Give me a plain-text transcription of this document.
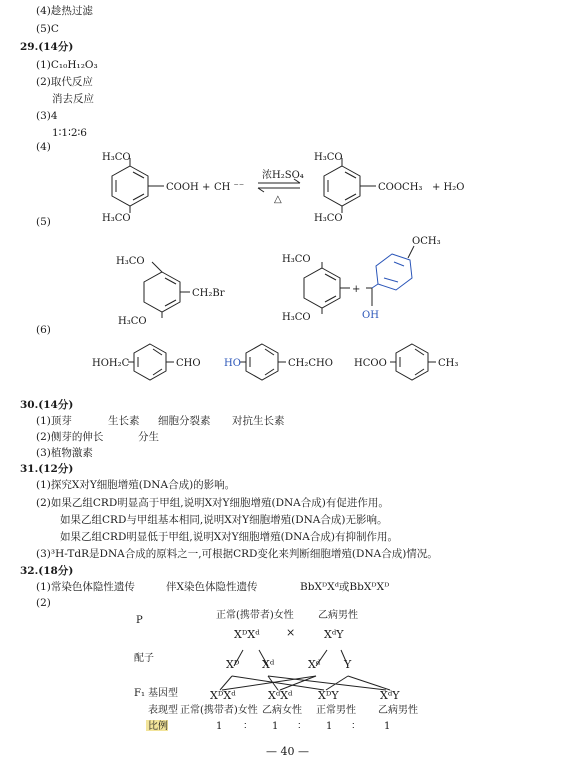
(4)趁热过滤
(5)C
29.(14分)
(1)C₁₀H₁₂O₃
(2)取代反应
消去反应
(3)4
1∶1∶2∶6
(4)
(5)
(6)
H₃CO
H₃CO
COOH + CH ⁻⁻
浓H₂SO₄
△
H₃CO
H₃CO
COOCH₃ + H₂O
H₃CO
H₃CO
CH₂Br
H₃CO
H₃CO
+
OCH₃
OH
HOH₂C	CHO HO	CH₂CHO HCOO	CH₃
30.(14分)
(1)顶芽	生长素 细胞分裂素 对抗生长素
(2)侧芽的伸长	分生
(3)植物激素
31.(12分)
(1)探究X对Y细胞增殖(DNA合成)的影响。
(2)如果乙组CRD明显高于甲组,说明X对Y细胞增殖(DNA合成)有促进作用。
如果乙组CRD与甲组基本相同,说明X对Y细胞增殖(DNA合成)无影响。
如果乙组CRD明显低于甲组,说明X对Y细胞增殖(DNA合成)有抑制作用。
(3)³H-TdR是DNA合成的原料之一,可根据CRD变化来判断细胞增殖(DNA合成)情况。
32.(18分)
(1)常染色体隐性遗传	伴X染色体隐性遗传	BbXᴰXᵈ或BbXᴰXᴰ
(2)
P	正常(携带者)女性 乙病男性
XᴰXᵈ ×	XᵈY
配子	Xᴰ Xᵈ	Xᵈ Y
F₁ 基因型	XᴰXᵈ	XᵈXᵈ XᴰY	XᵈY
表现型 正常(携带者)女性 乙病女性 正常男性 乙病男性
比例	1 ∶	1 ∶	1 ∶	1
— 40 —
